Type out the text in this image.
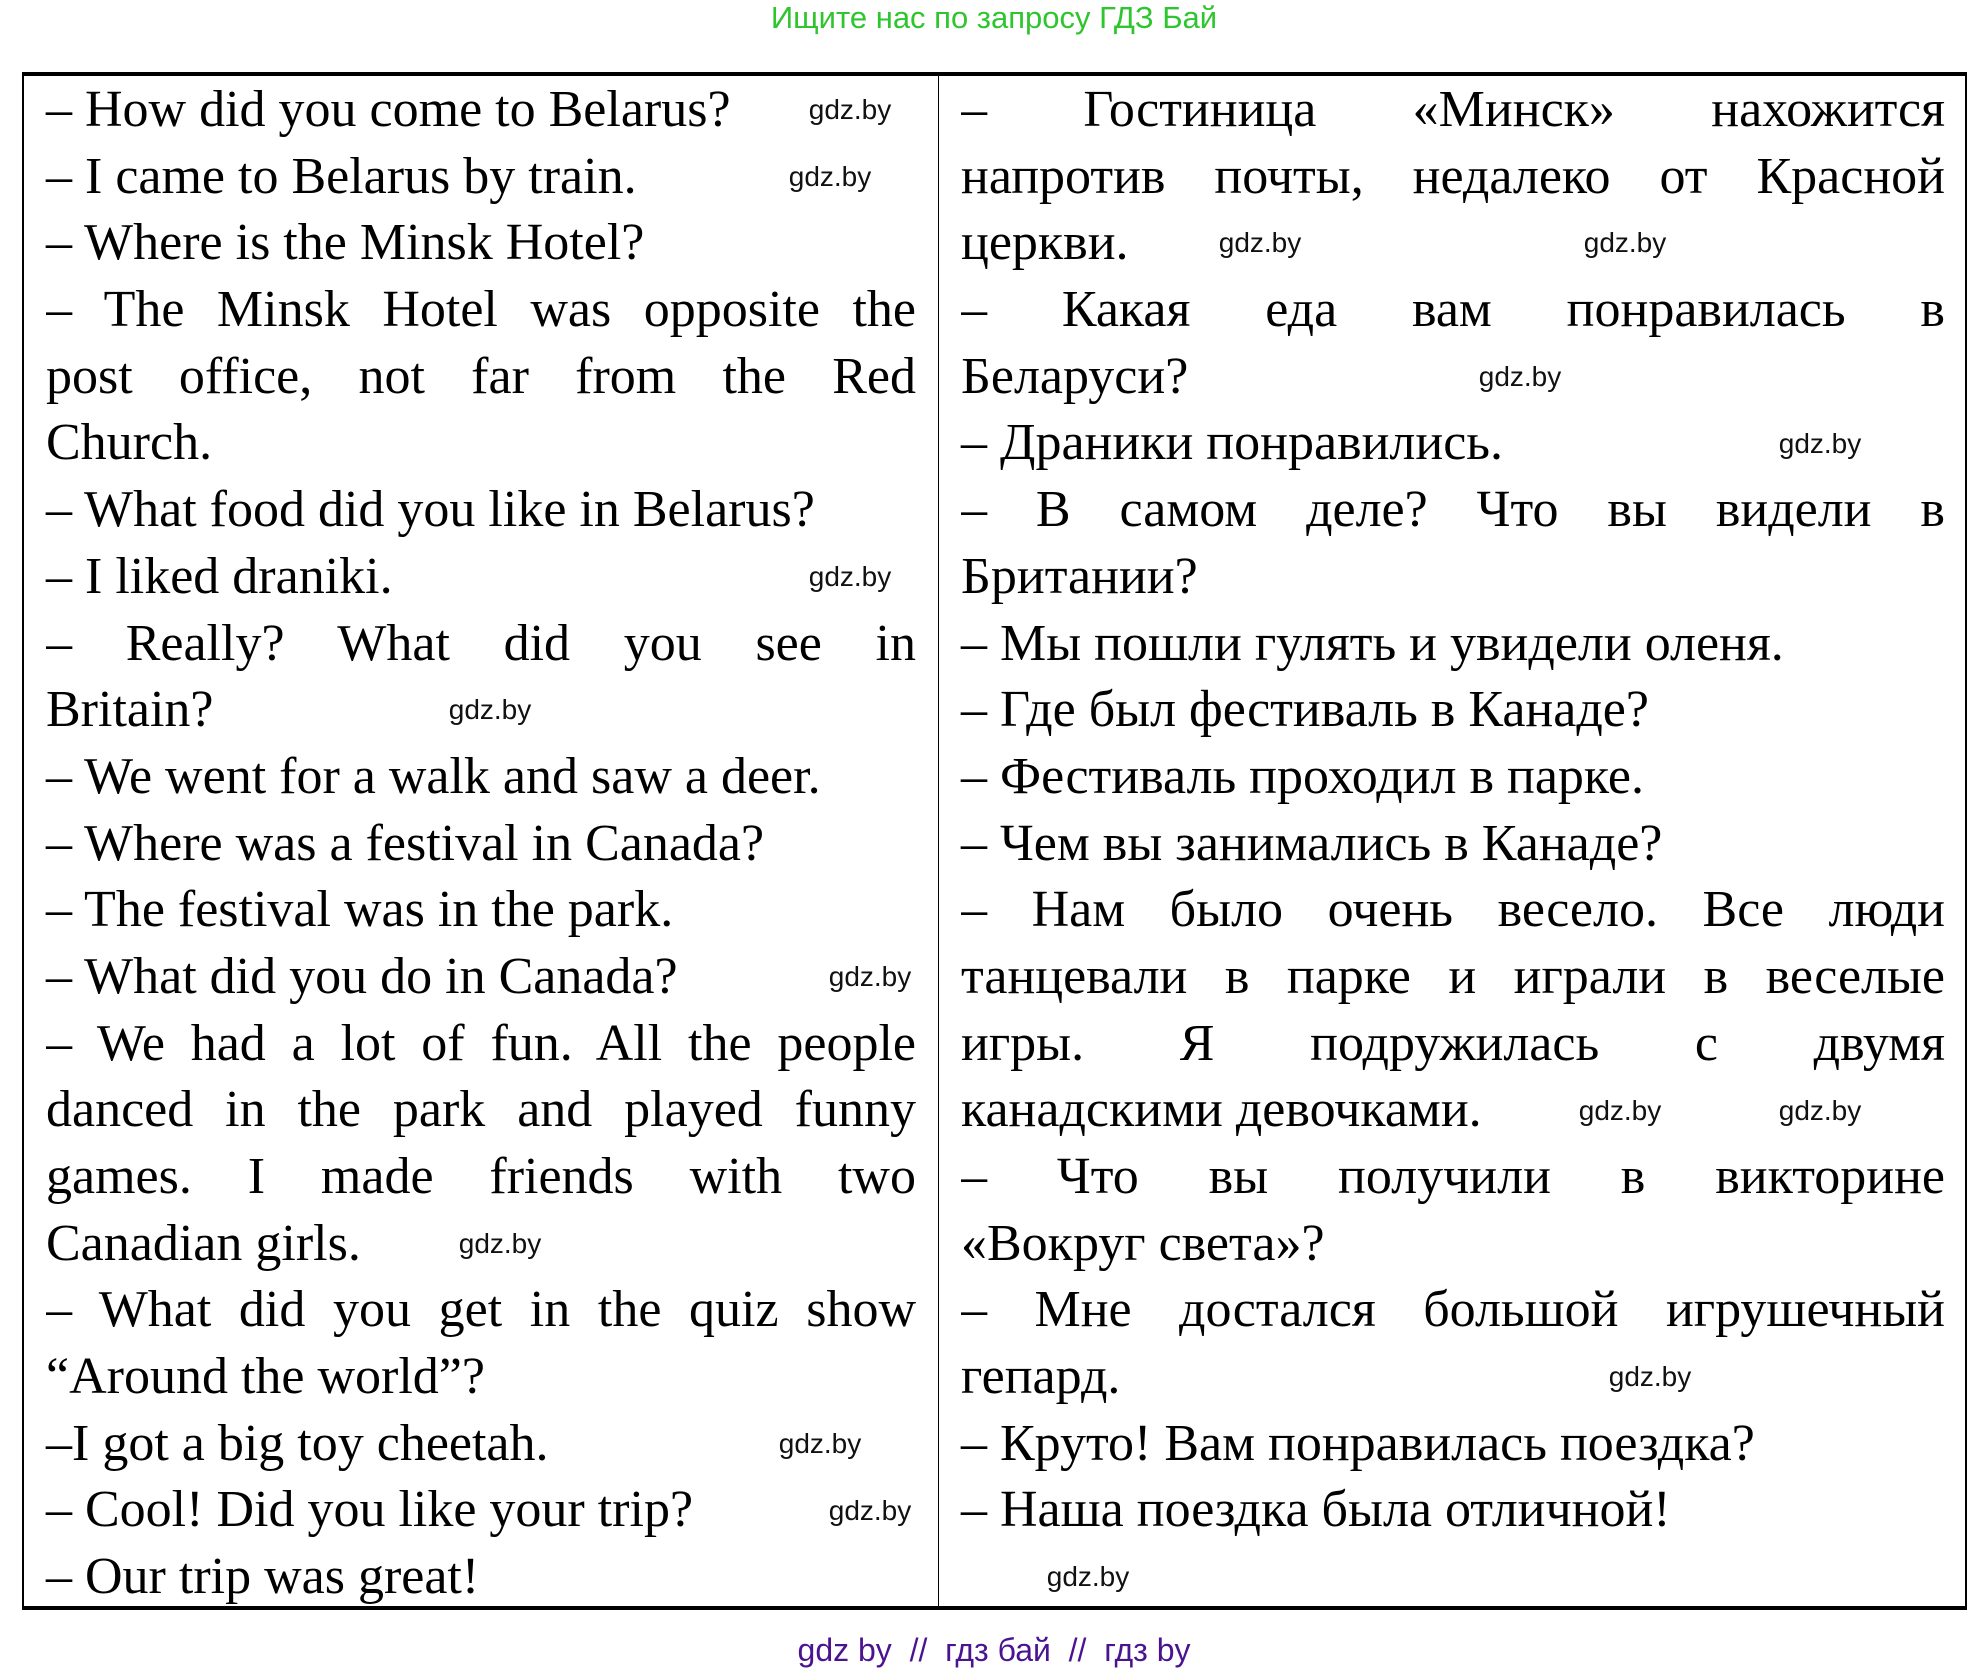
Ищите нас по запросу ГДЗ Бай
– How did you come to Belarus?
– I came to Belarus by train.
– Where is the Minsk Hotel?
– The Minsk Hotel was opposite the
post office, not far from the Red
Church.
– What food did you like in Belarus?
– I liked draniki.
– Really? What did you see in
Britain?
– We went for a walk and saw a deer.
– Where was a festival in Canada?
– The festival was in the park.
– What did you do in Canada?
– We had a lot of fun. All the people
danced in the park and played funny
games. I made friends with two
Canadian girls.
– What did you get in the quiz show
“Around the world”?
–I got a big toy cheetah.
– Cool! Did you like your trip?
– Our trip was great!
– Гостиница «Минск» нахожится
напротив почты, недалеко от Красной
церкви.
– Какая еда вам понравилась в
Беларуси?
– Драники понравились.
– В самом деле? Что вы видели в
Британии?
– Мы пошли гулять и увидели оленя.
– Где был фестиваль в Канаде?
– Фестиваль проходил в парке.
– Чем вы занимались в Канаде?
– Нам было очень весело. Все люди
танцевали в парке и играли в веселые
игры. Я подружилась с двумя
канадскими девочками.
– Что вы получили в викторине
«Вокруг света»?
– Мне достался большой игрушечный
гепард.
– Круто! Вам понравилась поездка?
– Наша поездка была отличной!
gdz.by
gdz.by
gdz.by
gdz.by
gdz.by
gdz.by
gdz.by
gdz.by
gdz.by
gdz.by	gdz.by
gdz.by
gdz.by
gdz.by
gdz.by
gdz.by
gdz by  //  гдз бай  //  гдз by
